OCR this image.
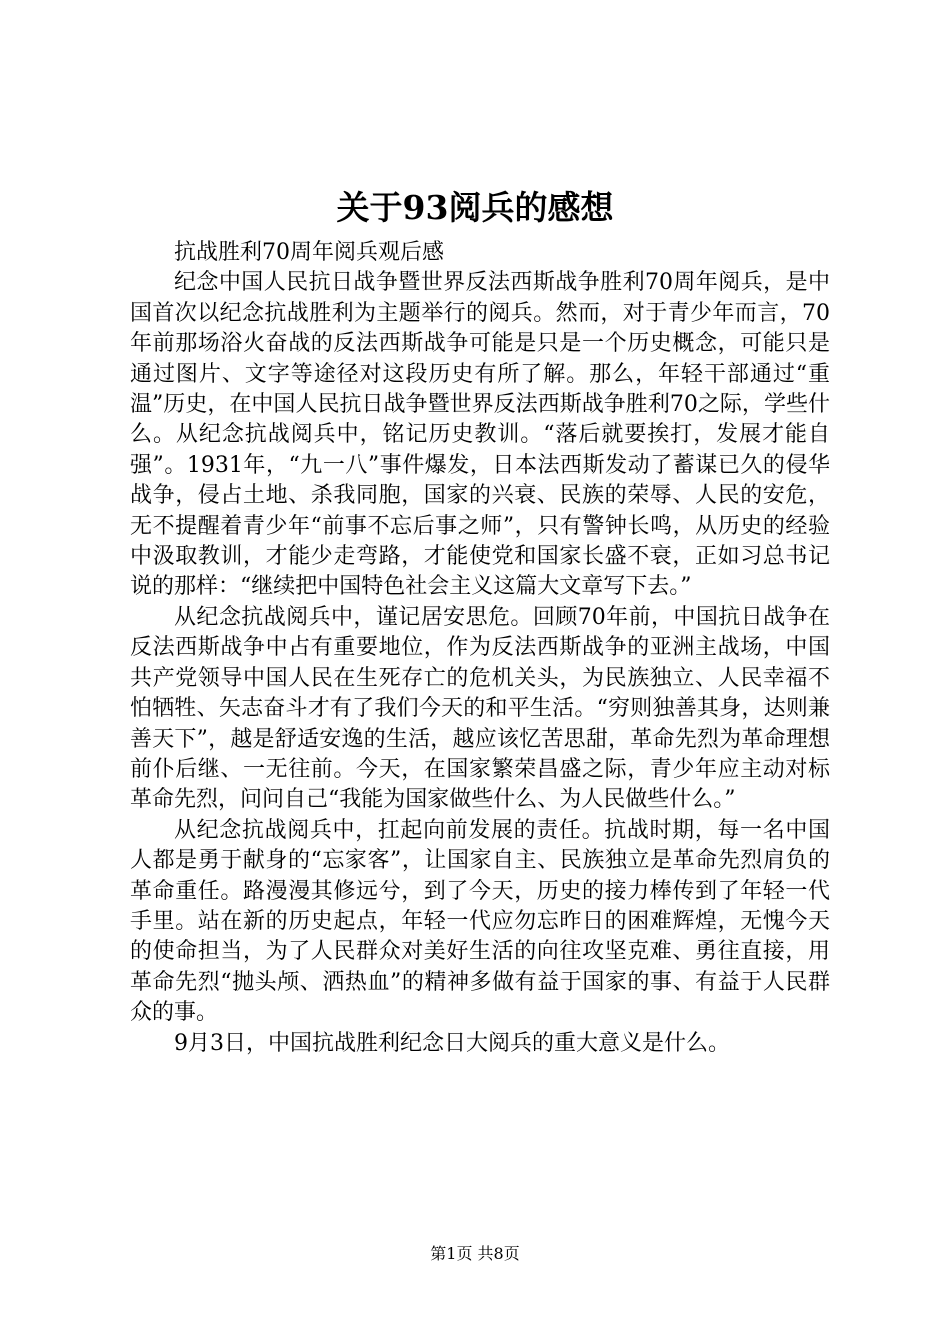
关于93阅兵的感想

抗战胜利70周年阅兵观后感

纪念中国人民抗日战争暨世界反法西斯战争胜利70周年阅兵，是中国首次以纪念抗战胜利为主题举行的阅兵。然而，对于青少年而言，70年前那场浴火奋战的反法西斯战争可能是只是一个历史概念，可能只是通过图片、文字等途径对这段历史有所了解。那么，年轻干部通过“重温”历史，在中国人民抗日战争暨世界反法西斯战争胜利70之际，学些什么。从纪念抗战阅兵中，铭记历史教训。“落后就要挨打，发展才能自强”。1931年，“九一八”事件爆发，日本法西斯发动了蓄谋已久的侵华战争，侵占土地、杀我同胞，国家的兴衰、民族的荣辱、人民的安危，无不提醒着青少年“前事不忘后事之师”，只有警钟长鸣，从历史的经验中汲取教训，才能少走弯路，才能使党和国家长盛不衰，正如习总书记说的那样：“继续把中国特色社会主义这篇大文章写下去。”

从纪念抗战阅兵中，谨记居安思危。回顾70年前，中国抗日战争在反法西斯战争中占有重要地位，作为反法西斯战争的亚洲主战场，中国共产党领导中国人民在生死存亡的危机关头，为民族独立、人民幸福不怕牺牲、矢志奋斗才有了我们今天的和平生活。“穷则独善其身，达则兼善天下”，越是舒适安逸的生活，越应该忆苦思甜，革命先烈为革命理想前仆后继、一无往前。今天，在国家繁荣昌盛之际，青少年应主动对标革命先烈，问问自己“我能为国家做些什么、为人民做些什么。”

从纪念抗战阅兵中，扛起向前发展的责任。抗战时期，每一名中国人都是勇于献身的“忘家客”，让国家自主、民族独立是革命先烈肩负的革命重任。路漫漫其修远兮，到了今天，历史的接力棒传到了年轻一代手里。站在新的历史起点，年轻一代应勿忘昨日的困难辉煌，无愧今天的使命担当，为了人民群众对美好生活的向往攻坚克难、勇往直接，用革命先烈“抛头颅、洒热血”的精神多做有益于国家的事、有益于人民群众的事。

9月3日，中国抗战胜利纪念日大阅兵的重大意义是什么。

第1页 共8页
